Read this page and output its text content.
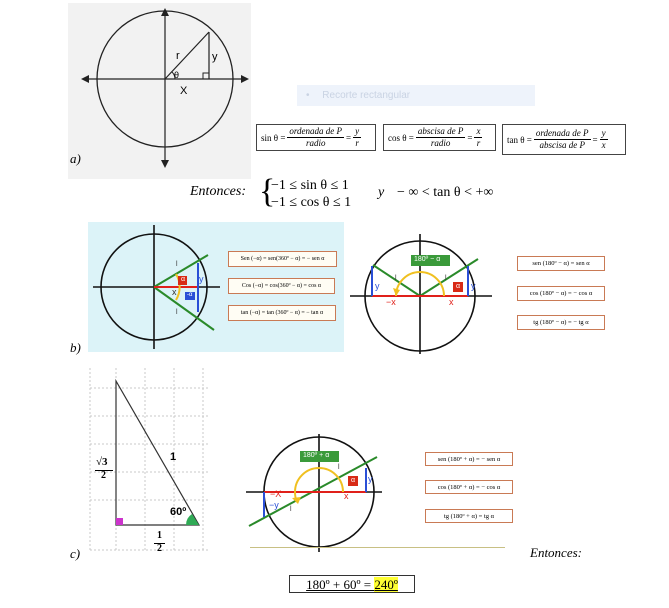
r	y
θ
X
a)
• Recorte rectangular
$\sin \theta = \frac{\text{ordenada de P}}{\text{radio}} = \frac{y}{r}$	$\cos \theta = \frac{\text{abscisa de P}}{\text{radio}} = \frac{x}{r}$	$\tan \theta = \frac{\text{ordenada de P}}{\text{abscisa de P}} = \frac{y}{x}$
Entonces: {
−1 ≤ sin θ ≤ 1
−1 ≤ cos θ ≤ 1
y − ∞ < tan θ < +∞
α
-α
x
y
l
l
Sen (−α) = sen(360º − α) = − sen α
Cos (−α) = cos(360º − α) = cos α
tan (−α) = tan (360º − α) = − tan α
b)
180º − α
α
y	y
−x	x
l	l
sen (180º − α) = sen α
cos (180º − α) = − cos α
tg (180º − α) = − tg α
√3
2
1
60º
1
2
c)
180º + α
α
−X	x
−y
y
l
l
sen (180º + α) = − sen α
cos (180º + α) = − cos α
tg (180º + α) = tg α
Entonces:
180º + 60º = 240º
